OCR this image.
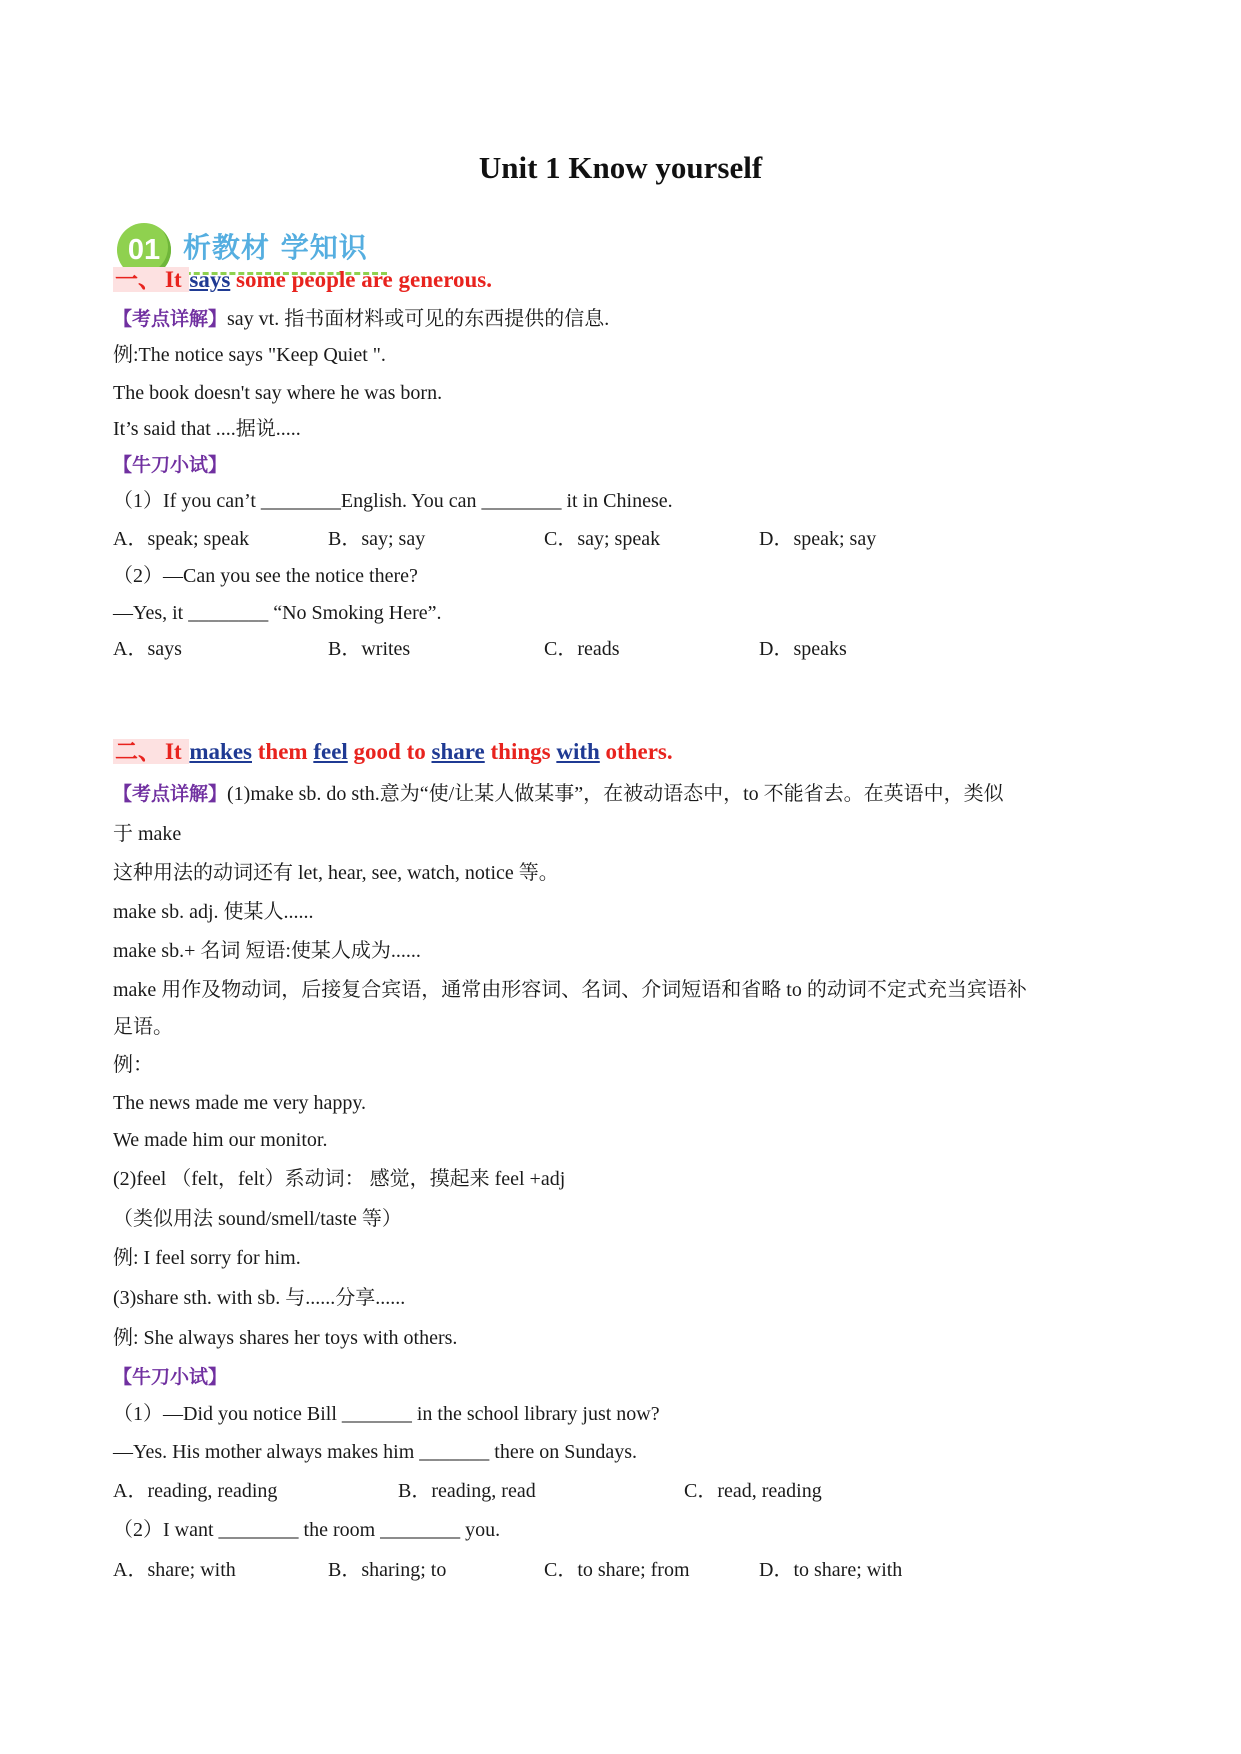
Unit 1 Know yourself
01 析教材 学知识
一、 It says some people are generous.
【考点详解】say vt. 指书面材料或可见的东西提供的信息.
例:The notice says "Keep Quiet ".
The book doesn't say where he was born.
It’s said that ....据说.....
【牛刀小试】
（1）If you can’t ________English. You can ________ it in Chinese.
A．speak; speak	B．say; say	C．say; speak	D．speak; say
（2）—Can you see the notice there?
—Yes, it ________ “No Smoking Here”.
A．says	B．writes	C．reads	D．speaks
二、 It makes them feel good to share things with others.
【考点详解】(1)make sb. do sth.意为“使/让某人做某事”，在被动语态中，to 不能省去。在英语中，类似
于 make
这种用法的动词还有 let, hear, see, watch, notice 等。
make sb. adj. 使某人......
make sb.+ 名词 短语:使某人成为......
make 用作及物动词，后接复合宾语，通常由形容词、名词、介词短语和省略 to 的动词不定式充当宾语补
足语。
例：
The news made me very happy.
We made him our monitor.
(2)feel （felt，felt）系动词： 感觉，摸起来 feel +adj
（类似用法 sound/smell/taste 等）
例: I feel sorry for him.
(3)share sth. with sb. 与......分享......
例: She always shares her toys with others.
【牛刀小试】
（1）—Did you notice Bill _______ in the school library just now?
—Yes. His mother always makes him _______ there on Sundays.
A．reading, reading	B．reading, read	C．read, reading
（2）I want ________ the room ________ you.
A．share; with	B．sharing; to	C．to share; from	D．to share; with
